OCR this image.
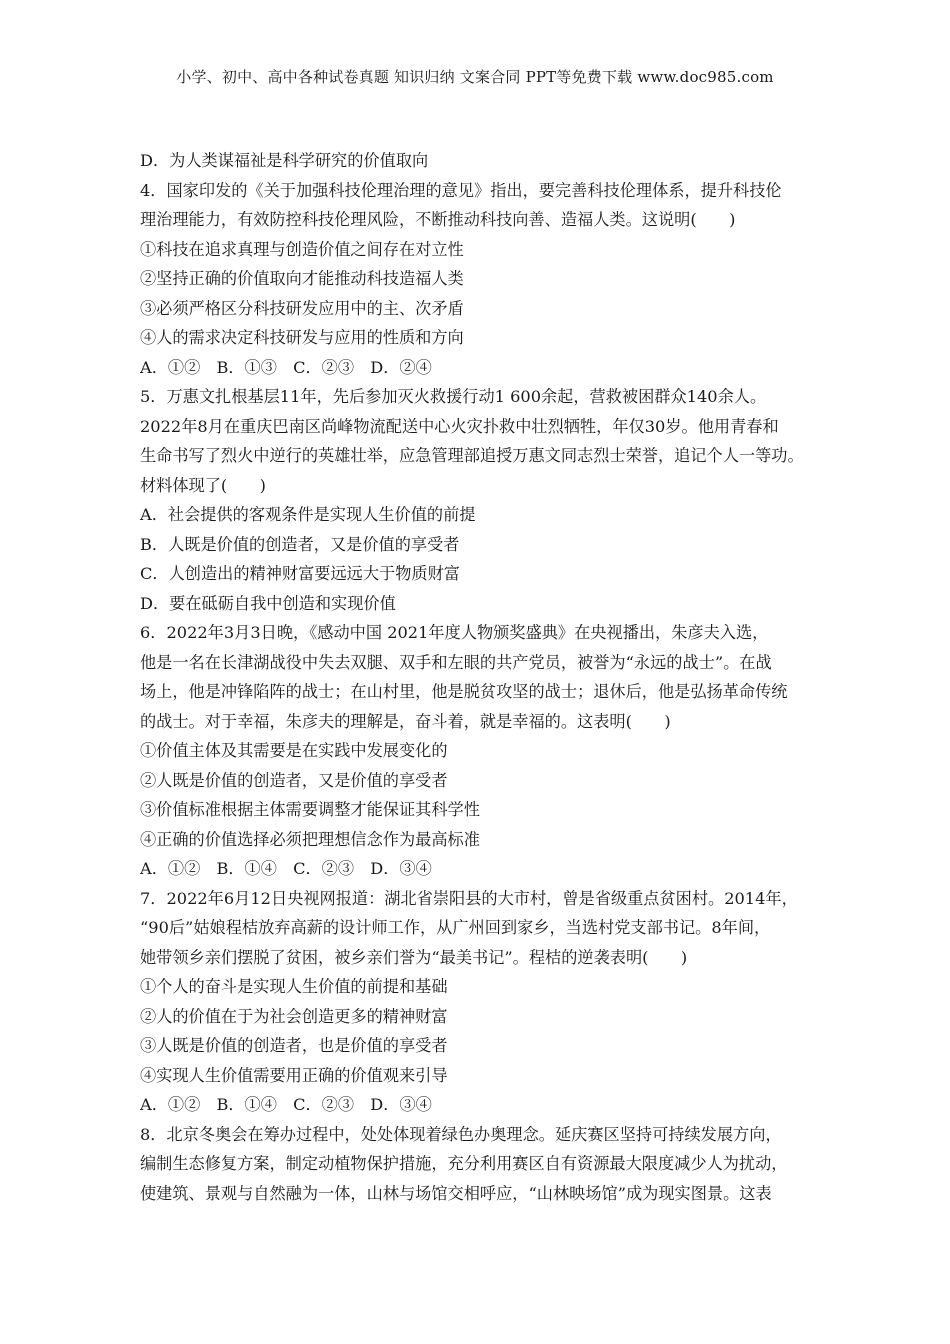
小学、初中、高中各种试卷真题 知识归纳 文案合同 PPT等免费下载 www.doc985.com
D．为人类谋福祉是科学研究的价值取向
4．国家印发的《关于加强科技伦理治理的意见》指出，要完善科技伦理体系，提升科技伦
理治理能力，有效防控科技伦理风险，不断推动科技向善、造福人类。这说明(　　)
①科技在追求真理与创造价值之间存在对立性
②坚持正确的价值取向才能推动科技造福人类
③必须严格区分科技研发应用中的主、次矛盾
④人的需求决定科技研发与应用的性质和方向
A．①②　B．①③　C．②③　D．②④
5．万惠文扎根基层11年，先后参加灭火救援行动1 600余起，营救被困群众140余人。
2022年8月在重庆巴南区尚峰物流配送中心火灾扑救中壮烈牺牲，年仅30岁。他用青春和
生命书写了烈火中逆行的英雄壮举，应急管理部追授万惠文同志烈士荣誉，追记个人一等功。
材料体现了(　　)
A．社会提供的客观条件是实现人生价值的前提
B．人既是价值的创造者，又是价值的享受者
C．人创造出的精神财富要远远大于物质财富
D．要在砥砺自我中创造和实现价值
6．2022年3月3日晚，《感动中国 2021年度人物颁奖盛典》在央视播出，朱彦夫入选，
他是一名在长津湖战役中失去双腿、双手和左眼的共产党员，被誉为“永远的战士”。在战
场上，他是冲锋陷阵的战士；在山村里，他是脱贫攻坚的战士；退休后，他是弘扬革命传统
的战士。对于幸福，朱彦夫的理解是，奋斗着，就是幸福的。这表明(　　)
①价值主体及其需要是在实践中发展变化的
②人既是价值的创造者，又是价值的享受者
③价值标准根据主体需要调整才能保证其科学性
④正确的价值选择必须把理想信念作为最高标准
A．①②　B．①④　C．②③　D．③④
7．2022年6月12日央视网报道：湖北省崇阳县的大市村，曾是省级重点贫困村。2014年，
“90后”姑娘程桔放弃高薪的设计师工作，从广州回到家乡，当选村党支部书记。8年间，
她带领乡亲们摆脱了贫困，被乡亲们誉为“最美书记”。程桔的逆袭表明(　　)
①个人的奋斗是实现人生价值的前提和基础
②人的价值在于为社会创造更多的精神财富
③人既是价值的创造者，也是价值的享受者
④实现人生价值需要用正确的价值观来引导
A．①②　B．①④　C．②③　D．③④
8．北京冬奥会在筹办过程中，处处体现着绿色办奥理念。延庆赛区坚持可持续发展方向，
编制生态修复方案，制定动植物保护措施，充分利用赛区自有资源最大限度减少人为扰动，
使建筑、景观与自然融为一体，山林与场馆交相呼应，“山林映场馆”成为现实图景。这表
